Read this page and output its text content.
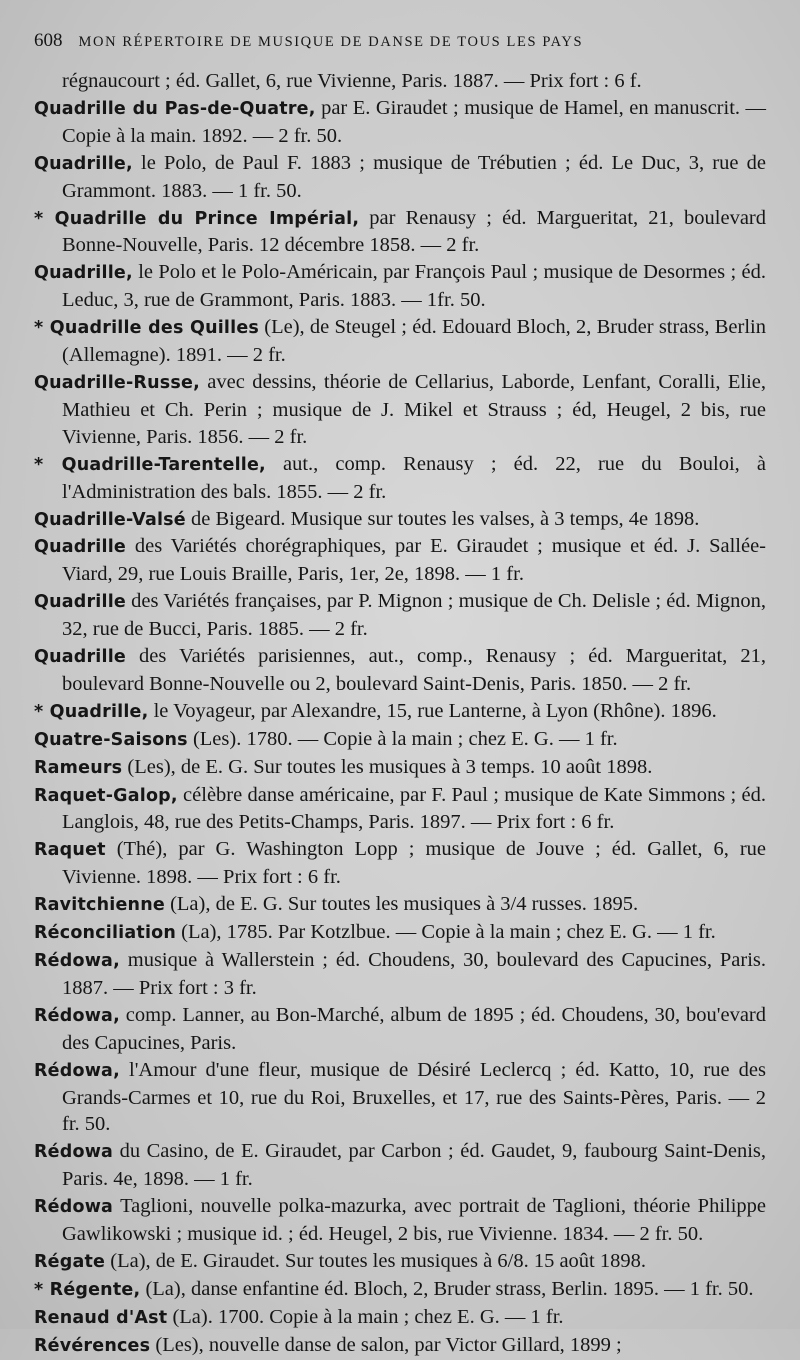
608 MON RÉPERTOIRE DE MUSIQUE DE DANSE DE TOUS LES PAYS
régnaucourt ; éd. Gallet, 6, rue Vivienne, Paris. 1887. — Prix fort : 6 f.
Quadrille du Pas-de-Quatre, par E. Giraudet ; musique de Hamel, en manuscrit. — Copie à la main. 1892. — 2 fr. 50.
Quadrille, le Polo, de Paul F. 1883 ; musique de Trébutien ; éd. Le Duc, 3, rue de Grammont. 1883. — 1 fr. 50.
* Quadrille du Prince Impérial, par Renausy ; éd. Margueritat, 21, boulevard Bonne-Nouvelle, Paris. 12 décembre 1858. — 2 fr.
Quadrille, le Polo et le Polo-Américain, par François Paul ; musique de Desormes ; éd. Leduc, 3, rue de Grammont, Paris. 1883. — 1fr. 50.
* Quadrille des Quilles (Le), de Steugel ; éd. Edouard Bloch, 2, Bruder strass, Berlin (Allemagne). 1891. — 2 fr.
Quadrille-Russe, avec dessins, théorie de Cellarius, Laborde, Lenfant, Coralli, Elie, Mathieu et Ch. Perin ; musique de J. Mikel et Strauss ; éd, Heugel, 2 bis, rue Vivienne, Paris. 1856. — 2 fr.
* Quadrille-Tarentelle, aut., comp. Renausy ; éd. 22, rue du Bouloi, à l'Administration des bals. 1855. — 2 fr.
Quadrille-Valsé de Bigeard. Musique sur toutes les valses, à 3 temps, 4e 1898.
Quadrille des Variétés chorégraphiques, par E. Giraudet ; musique et éd. J. Sallée-Viard, 29, rue Louis Braille, Paris, 1er, 2e, 1898. — 1 fr.
Quadrille des Variétés françaises, par P. Mignon ; musique de Ch. Delisle ; éd. Mignon, 32, rue de Bucci, Paris. 1885. — 2 fr.
Quadrille des Variétés parisiennes, aut., comp., Renausy ; éd. Margueritat, 21, boulevard Bonne-Nouvelle ou 2, boulevard Saint-Denis, Paris. 1850. — 2 fr.
* Quadrille, le Voyageur, par Alexandre, 15, rue Lanterne, à Lyon (Rhône). 1896.
Quatre-Saisons (Les). 1780. — Copie à la main ; chez E. G. — 1 fr.
Rameurs (Les), de E. G. Sur toutes les musiques à 3 temps. 10 août 1898.
Raquet-Galop, célèbre danse américaine, par F. Paul ; musique de Kate Simmons ; éd. Langlois, 48, rue des Petits-Champs, Paris. 1897. — Prix fort : 6 fr.
Raquet (Thé), par G. Washington Lopp ; musique de Jouve ; éd. Gallet, 6, rue Vivienne. 1898. — Prix fort : 6 fr.
Ravitchienne (La), de E. G. Sur toutes les musiques à 3/4 russes. 1895.
Réconciliation (La), 1785. Par Kotzlbue. — Copie à la main ; chez E. G. — 1 fr.
Rédowa, musique à Wallerstein ; éd. Choudens, 30, boulevard des Capucines, Paris. 1887. — Prix fort : 3 fr.
Rédowa, comp. Lanner, au Bon-Marché, album de 1895 ; éd. Choudens, 30, bou'evard des Capucines, Paris.
Rédowa, l'Amour d'une fleur, musique de Désiré Leclercq ; éd. Katto, 10, rue des Grands-Carmes et 10, rue du Roi, Bruxelles, et 17, rue des Saints-Pères, Paris. — 2 fr. 50.
Rédowa du Casino, de E. Giraudet, par Carbon ; éd. Gaudet, 9, faubourg Saint-Denis, Paris. 4e, 1898. — 1 fr.
Rédowa Taglioni, nouvelle polka-mazurka, avec portrait de Taglioni, théorie Philippe Gawlikowski ; musique id. ; éd. Heugel, 2 bis, rue Vivienne. 1834. — 2 fr. 50.
Régate (La), de E. Giraudet. Sur toutes les musiques à 6/8. 15 août 1898.
* Régente, (La), danse enfantine éd. Bloch, 2, Bruder strass, Berlin. 1895. — 1 fr. 50.
Renaud d'Ast (La). 1700. Copie à la main ; chez E. G. — 1 fr.
Révérences (Les), nouvelle danse de salon, par Victor Gillard, 1899 ;
